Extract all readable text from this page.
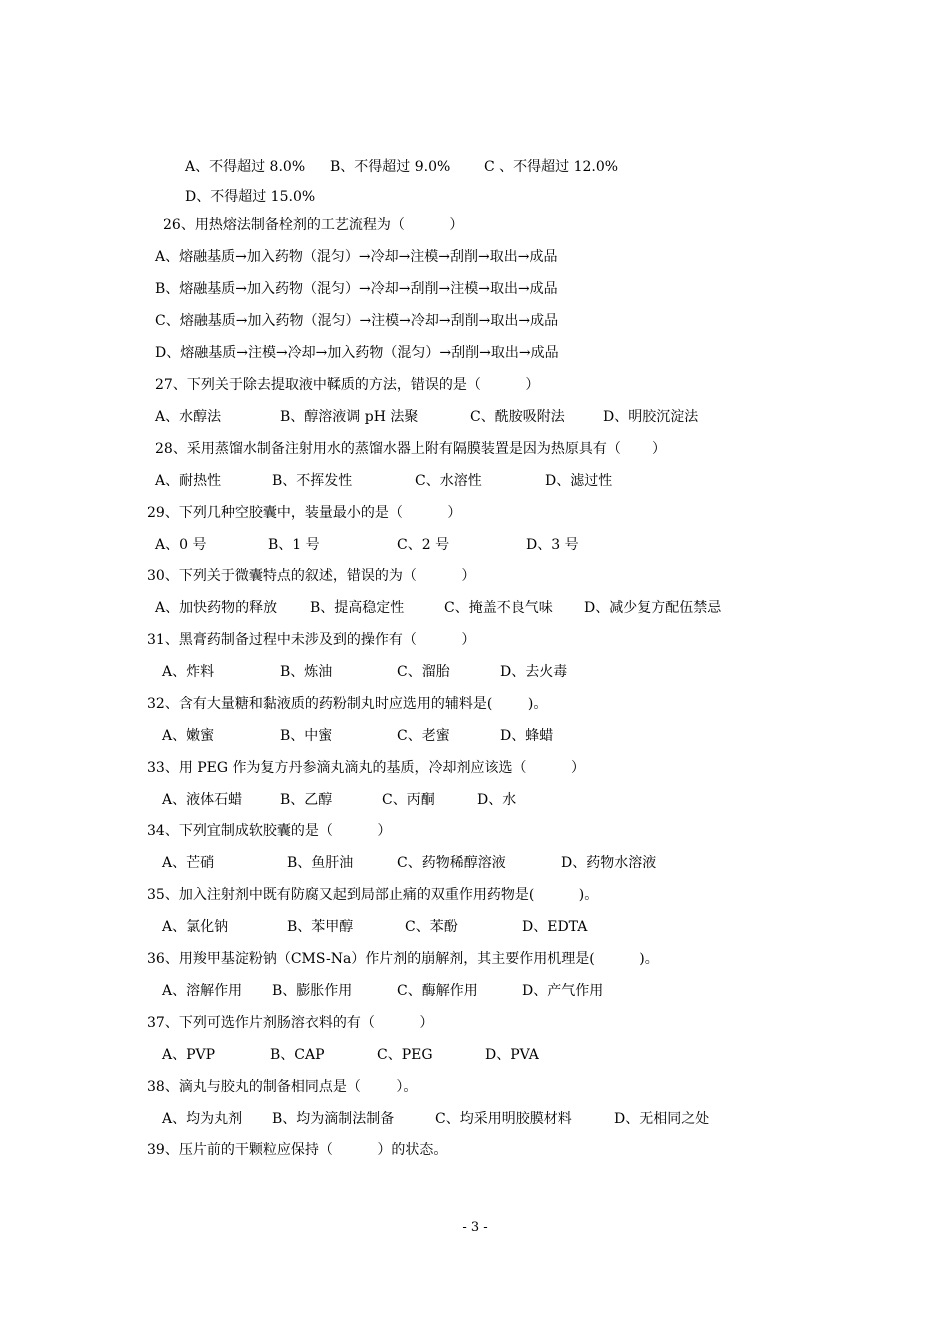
A、不得超过 8.0% B、不得超过 9.0% C 、不得超过 12.0%
D、不得超过 15.0%
26、用热熔法制备栓剂的工艺流程为（          ）
A、熔融基质→加入药物（混匀）→冷却→注模→刮削→取出→成品
B、熔融基质→加入药物（混匀）→冷却→刮削→注模→取出→成品
C、熔融基质→加入药物（混匀）→注模→冷却→刮削→取出→成品
D、熔融基质→注模→冷却→加入药物（混匀）→刮削→取出→成品
27、下列关于除去提取液中鞣质的方法，错误的是（          ）
A、水醇法	B、醇溶液调 pH 法聚	C、酰胺吸附法	D、明胶沉淀法
28、采用蒸馏水制备注射用水的蒸馏水器上附有隔膜装置是因为热原具有（       ）
A、耐热性	B、不挥发性	C、水溶性	D、滤过性
29、下列几种空胶囊中，装量最小的是（          ）
A、0 号	B、1 号	C、2 号	D、3 号
30、下列关于微囊特点的叙述，错误的为（          ）
A、加快药物的释放 B、提高稳定性	C、掩盖不良气味 D、减少复方配伍禁忌
31、黑膏药制备过程中未涉及到的操作有（          ）
A、炸料	B、炼油	C、溜胎	D、去火毒
32、含有大量糖和黏液质的药粉制丸时应选用的辅料是(        )。
A、嫩蜜	B、中蜜	C、老蜜	D、蜂蜡
33、用 PEG 作为复方丹参滴丸滴丸的基质，冷却剂应该选（          ）
A、液体石蜡	B、乙醇	C、丙酮	D、水
34、下列宜制成软胶囊的是（          ）
A、芒硝	B、鱼肝油	C、药物稀醇溶液	D、药物水溶液
35、加入注射剂中既有防腐又起到局部止痛的双重作用药物是(          )。
A、氯化钠	B、苯甲醇	C、苯酚	D、EDTA
36、用羧甲基淀粉钠（CMS-Na）作片剂的崩解剂，其主要作用机理是(          )。
A、溶解作用 B、膨胀作用	C、酶解作用	D、产气作用
37、下列可选作片剂肠溶衣料的有（          ）
A、PVP	B、CAP	C、PEG	D、PVA
38、滴丸与胶丸的制备相同点是（        ）。
A、均为丸剂 B、均为滴制法制备	C、均采用明胶膜材料	D、无相同之处
39、压片前的干颗粒应保持（          ）的状态。
- 3 -
